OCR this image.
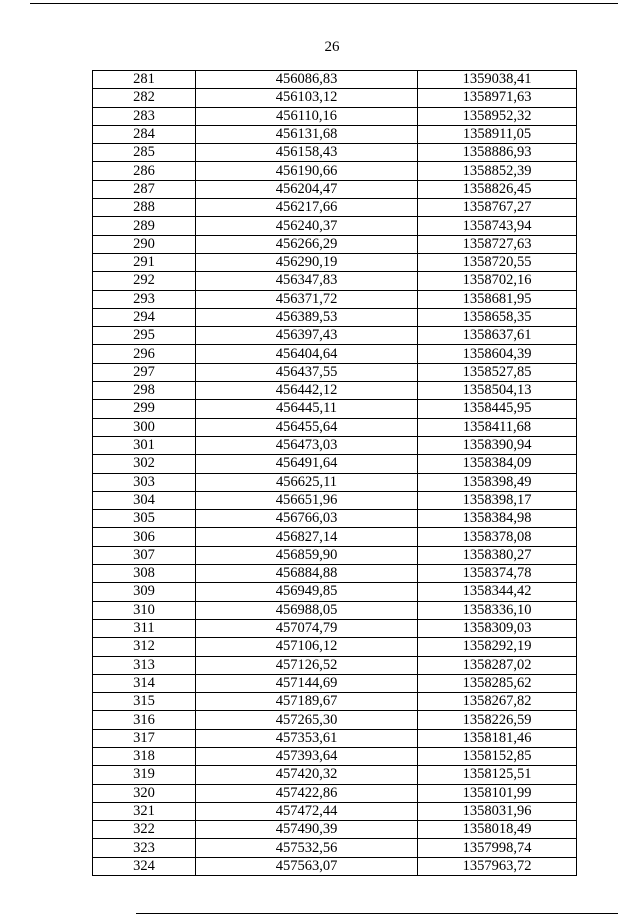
26
281	456086,83	1359038,41
282	456103,12	1358971,63
283	456110,16	1358952,32
284	456131,68	1358911,05
285	456158,43	1358886,93
286	456190,66	1358852,39
287	456204,47	1358826,45
288	456217,66	1358767,27
289	456240,37	1358743,94
290	456266,29	1358727,63
291	456290,19	1358720,55
292	456347,83	1358702,16
293	456371,72	1358681,95
294	456389,53	1358658,35
295	456397,43	1358637,61
296	456404,64	1358604,39
297	456437,55	1358527,85
298	456442,12	1358504,13
299	456445,11	1358445,95
300	456455,64	1358411,68
301	456473,03	1358390,94
302	456491,64	1358384,09
303	456625,11	1358398,49
304	456651,96	1358398,17
305	456766,03	1358384,98
306	456827,14	1358378,08
307	456859,90	1358380,27
308	456884,88	1358374,78
309	456949,85	1358344,42
310	456988,05	1358336,10
311	457074,79	1358309,03
312	457106,12	1358292,19
313	457126,52	1358287,02
314	457144,69	1358285,62
315	457189,67	1358267,82
316	457265,30	1358226,59
317	457353,61	1358181,46
318	457393,64	1358152,85
319	457420,32	1358125,51
320	457422,86	1358101,99
321	457472,44	1358031,96
322	457490,39	1358018,49
323	457532,56	1357998,74
324	457563,07	1357963,72
